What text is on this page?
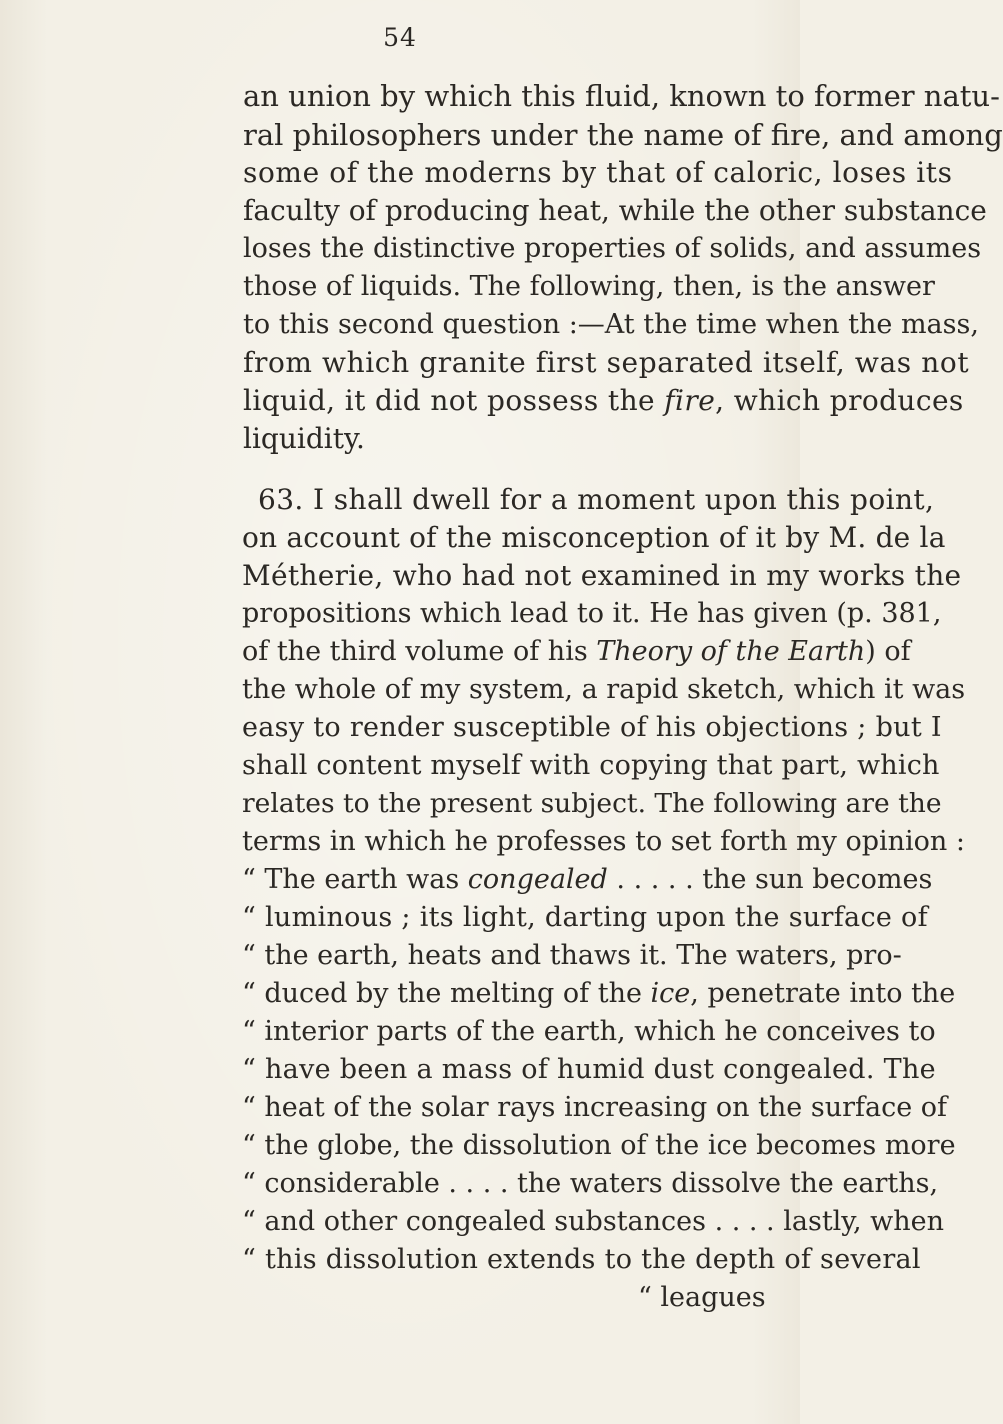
54
an union by which this fluid, known to former natu-
ral philosophers under the name of fire, and among
some of the moderns by that of caloric, loses its
faculty of producing heat, while the other substance
loses the distinctive properties of solids, and assumes
those of liquids. The following, then, is the answer
to this second question :—At the time when the mass,
from which granite first separated itself, was not
liquid, it did not possess the fire, which produces
liquidity.
63. I shall dwell for a moment upon this point,
on account of the misconception of it by M. de la
Métherie, who had not examined in my works the
propositions which lead to it. He has given (p. 381,
of the third volume of his Theory of the Earth) of
the whole of my system, a rapid sketch, which it was
easy to render susceptible of his objections ; but I
shall content myself with copying that part, which
relates to the present subject. The following are the
terms in which he professes to set forth my opinion :
“ The earth was congealed . . . . . the sun becomes
“ luminous ; its light, darting upon the surface of
“ the earth, heats and thaws it. The waters, pro-
“ duced by the melting of the ice, penetrate into the
“ interior parts of the earth, which he conceives to
“ have been a mass of humid dust congealed. The
“ heat of the solar rays increasing on the surface of
“ the globe, the dissolution of the ice becomes more
“ considerable . . . . the waters dissolve the earths,
“ and other congealed substances . . . . lastly, when
“ this dissolution extends to the depth of several
“ leagues
